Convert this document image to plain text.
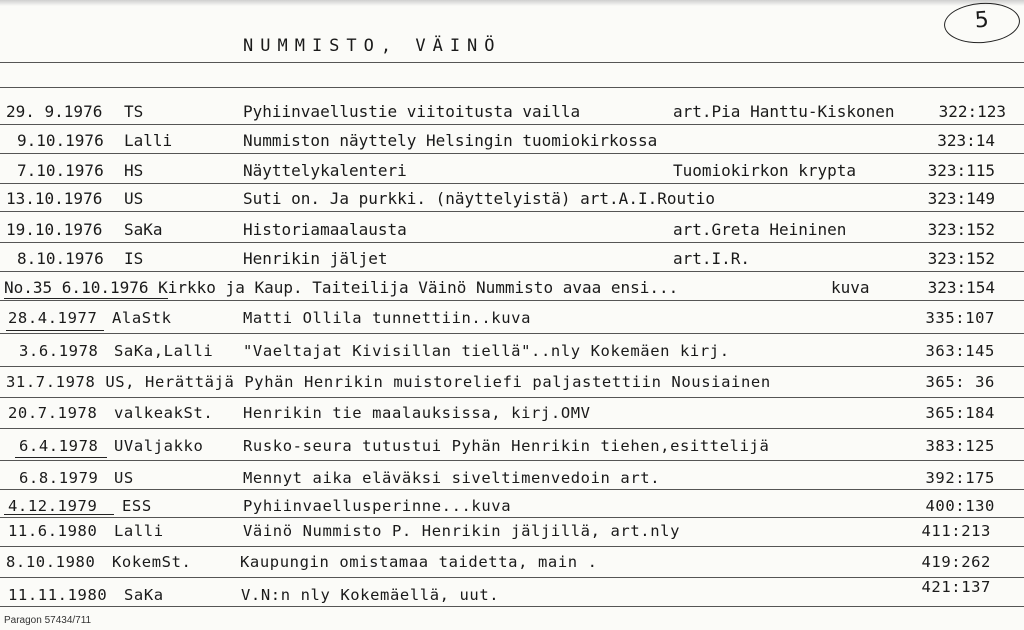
NUMMISTO, VÄINÖ
5
29. 9.1976 TS	Pyhiinvaellustie viitoitusta vailla	art.Pia Hanttu-Kiskonen	322:123
9.10.1976 Lalli	Nummiston näyttely Helsingin tuomiokirkossa	323:14
7.10.1976 HS	Näyttelykalenteri	Tuomiokirkon krypta	323:115
13.10.1976 US	Suti on. Ja purkki. (näyttelyistä) art.A.I.Routio	323:149
19.10.1976 SaKa	Historiamaalausta	art.Greta Heininen	323:152
8.10.1976 IS	Henrikin jäljet	art.I.R.	323:152
No.35 6.10.1976 Kirkko ja Kaup. Taiteilija Väinö Nummisto avaa ensi...	kuva	323:154
28.4.1977 AlaStk	Matti Ollila tunnettiin..kuva	335:107
3.6.1978 SaKa,Lalli "Vaeltajat Kivisillan tiellä"..nly Kokemäen kirj.	363:145
31.7.1978 US, Herättäjä Pyhän Henrikin muistoreliefi paljastettiin Nousiainen	365: 36
20.7.1978 valkeakSt. Henrikin tie maalauksissa, kirj.OMV	365:184
6.4.1978 UValjakko	Rusko-seura tutustui Pyhän Henrikin tiehen,esittelijä	383:125
6.8.1979 US	Mennyt aika eläväksi siveltimenvedoin art.	392:175
4.12.1979 ESS	Pyhiinvaellusperinne...kuva	400:130
11.6.1980 Lalli	Väinö Nummisto P. Henrikin jäljillä, art.nly	411:213
8.10.1980 KokemSt.	Kaupungin omistamaa taidetta, main .	419:262
11.11.1980 SaKa	V.N:n nly Kokemäellä, uut.	421:137
Paragon 57434/711
